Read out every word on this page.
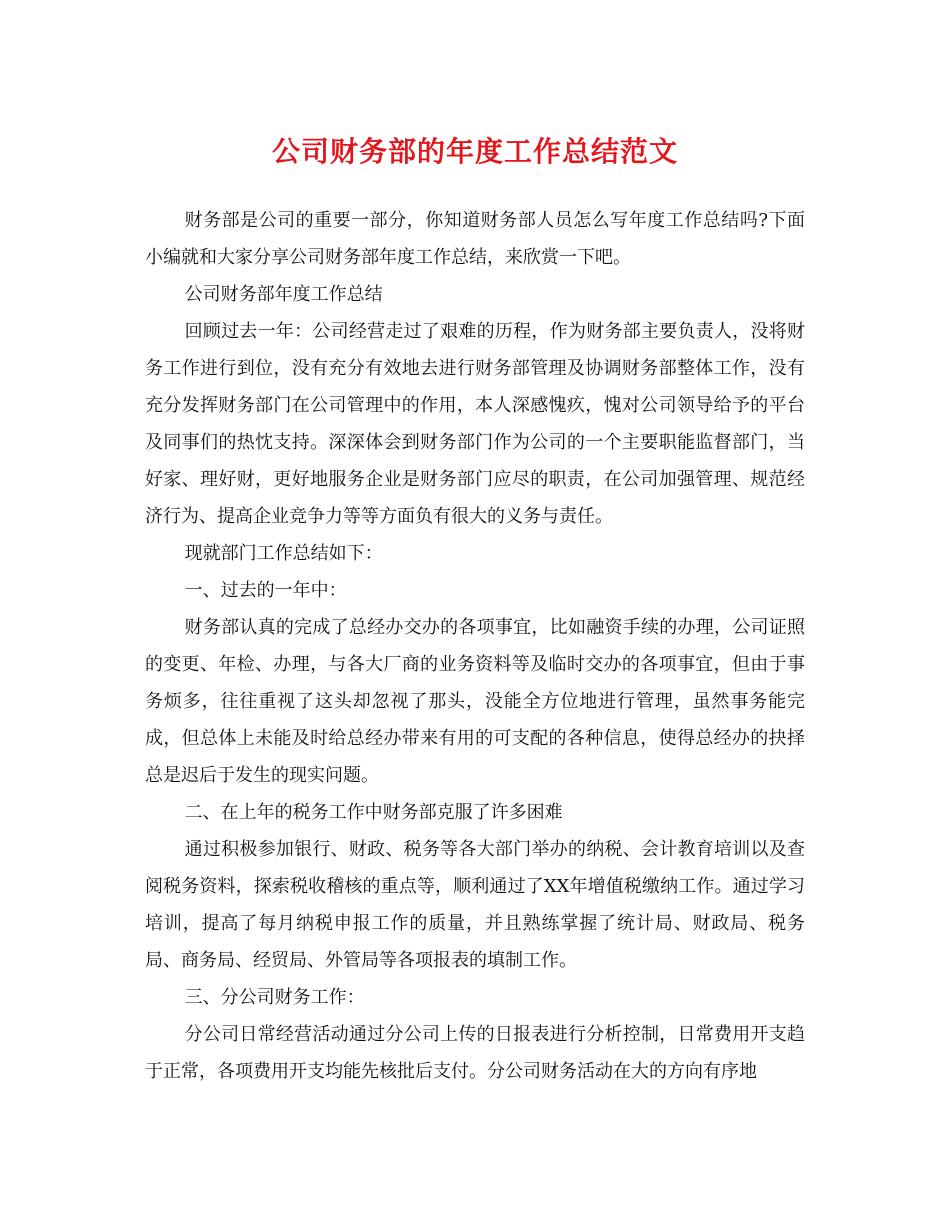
公司财务部的年度工作总结范文

财务部是公司的重要一部分，你知道财务部人员怎么写年度工作总结吗?下面小编就和大家分享公司财务部年度工作总结，来欣赏一下吧。

公司财务部年度工作总结

回顾过去一年：公司经营走过了艰难的历程，作为财务部主要负责人，没将财务工作进行到位，没有充分有效地去进行财务部管理及协调财务部整体工作，没有充分发挥财务部门在公司管理中的作用，本人深感愧疚，愧对公司领导给予的平台及同事们的热忱支持。深深体会到财务部门作为公司的一个主要职能监督部门，当好家、理好财，更好地服务企业是财务部门应尽的职责，在公司加强管理、规范经济行为、提高企业竞争力等等方面负有很大的义务与责任。

现就部门工作总结如下：

一、过去的一年中：

财务部认真的完成了总经办交办的各项事宜，比如融资手续的办理，公司证照的变更、年检、办理，与各大厂商的业务资料等及临时交办的各项事宜，但由于事务烦多，往往重视了这头却忽视了那头，没能全方位地进行管理，虽然事务能完成，但总体上未能及时给总经办带来有用的可支配的各种信息，使得总经办的抉择总是迟后于发生的现实问题。

二、在上年的税务工作中财务部克服了许多困难

通过积极参加银行、财政、税务等各大部门举办的纳税、会计教育培训以及查阅税务资料，探索税收稽核的重点等，顺利通过了XX年增值税缴纳工作。通过学习培训，提高了每月纳税申报工作的质量，并且熟练掌握了统计局、财政局、税务局、商务局、经贸局、外管局等各项报表的填制工作。

三、分公司财务工作：

分公司日常经营活动通过分公司上传的日报表进行分析控制，日常费用开支趋于正常，各项费用开支均能先核批后支付。分公司财务活动在大的方向有序地
